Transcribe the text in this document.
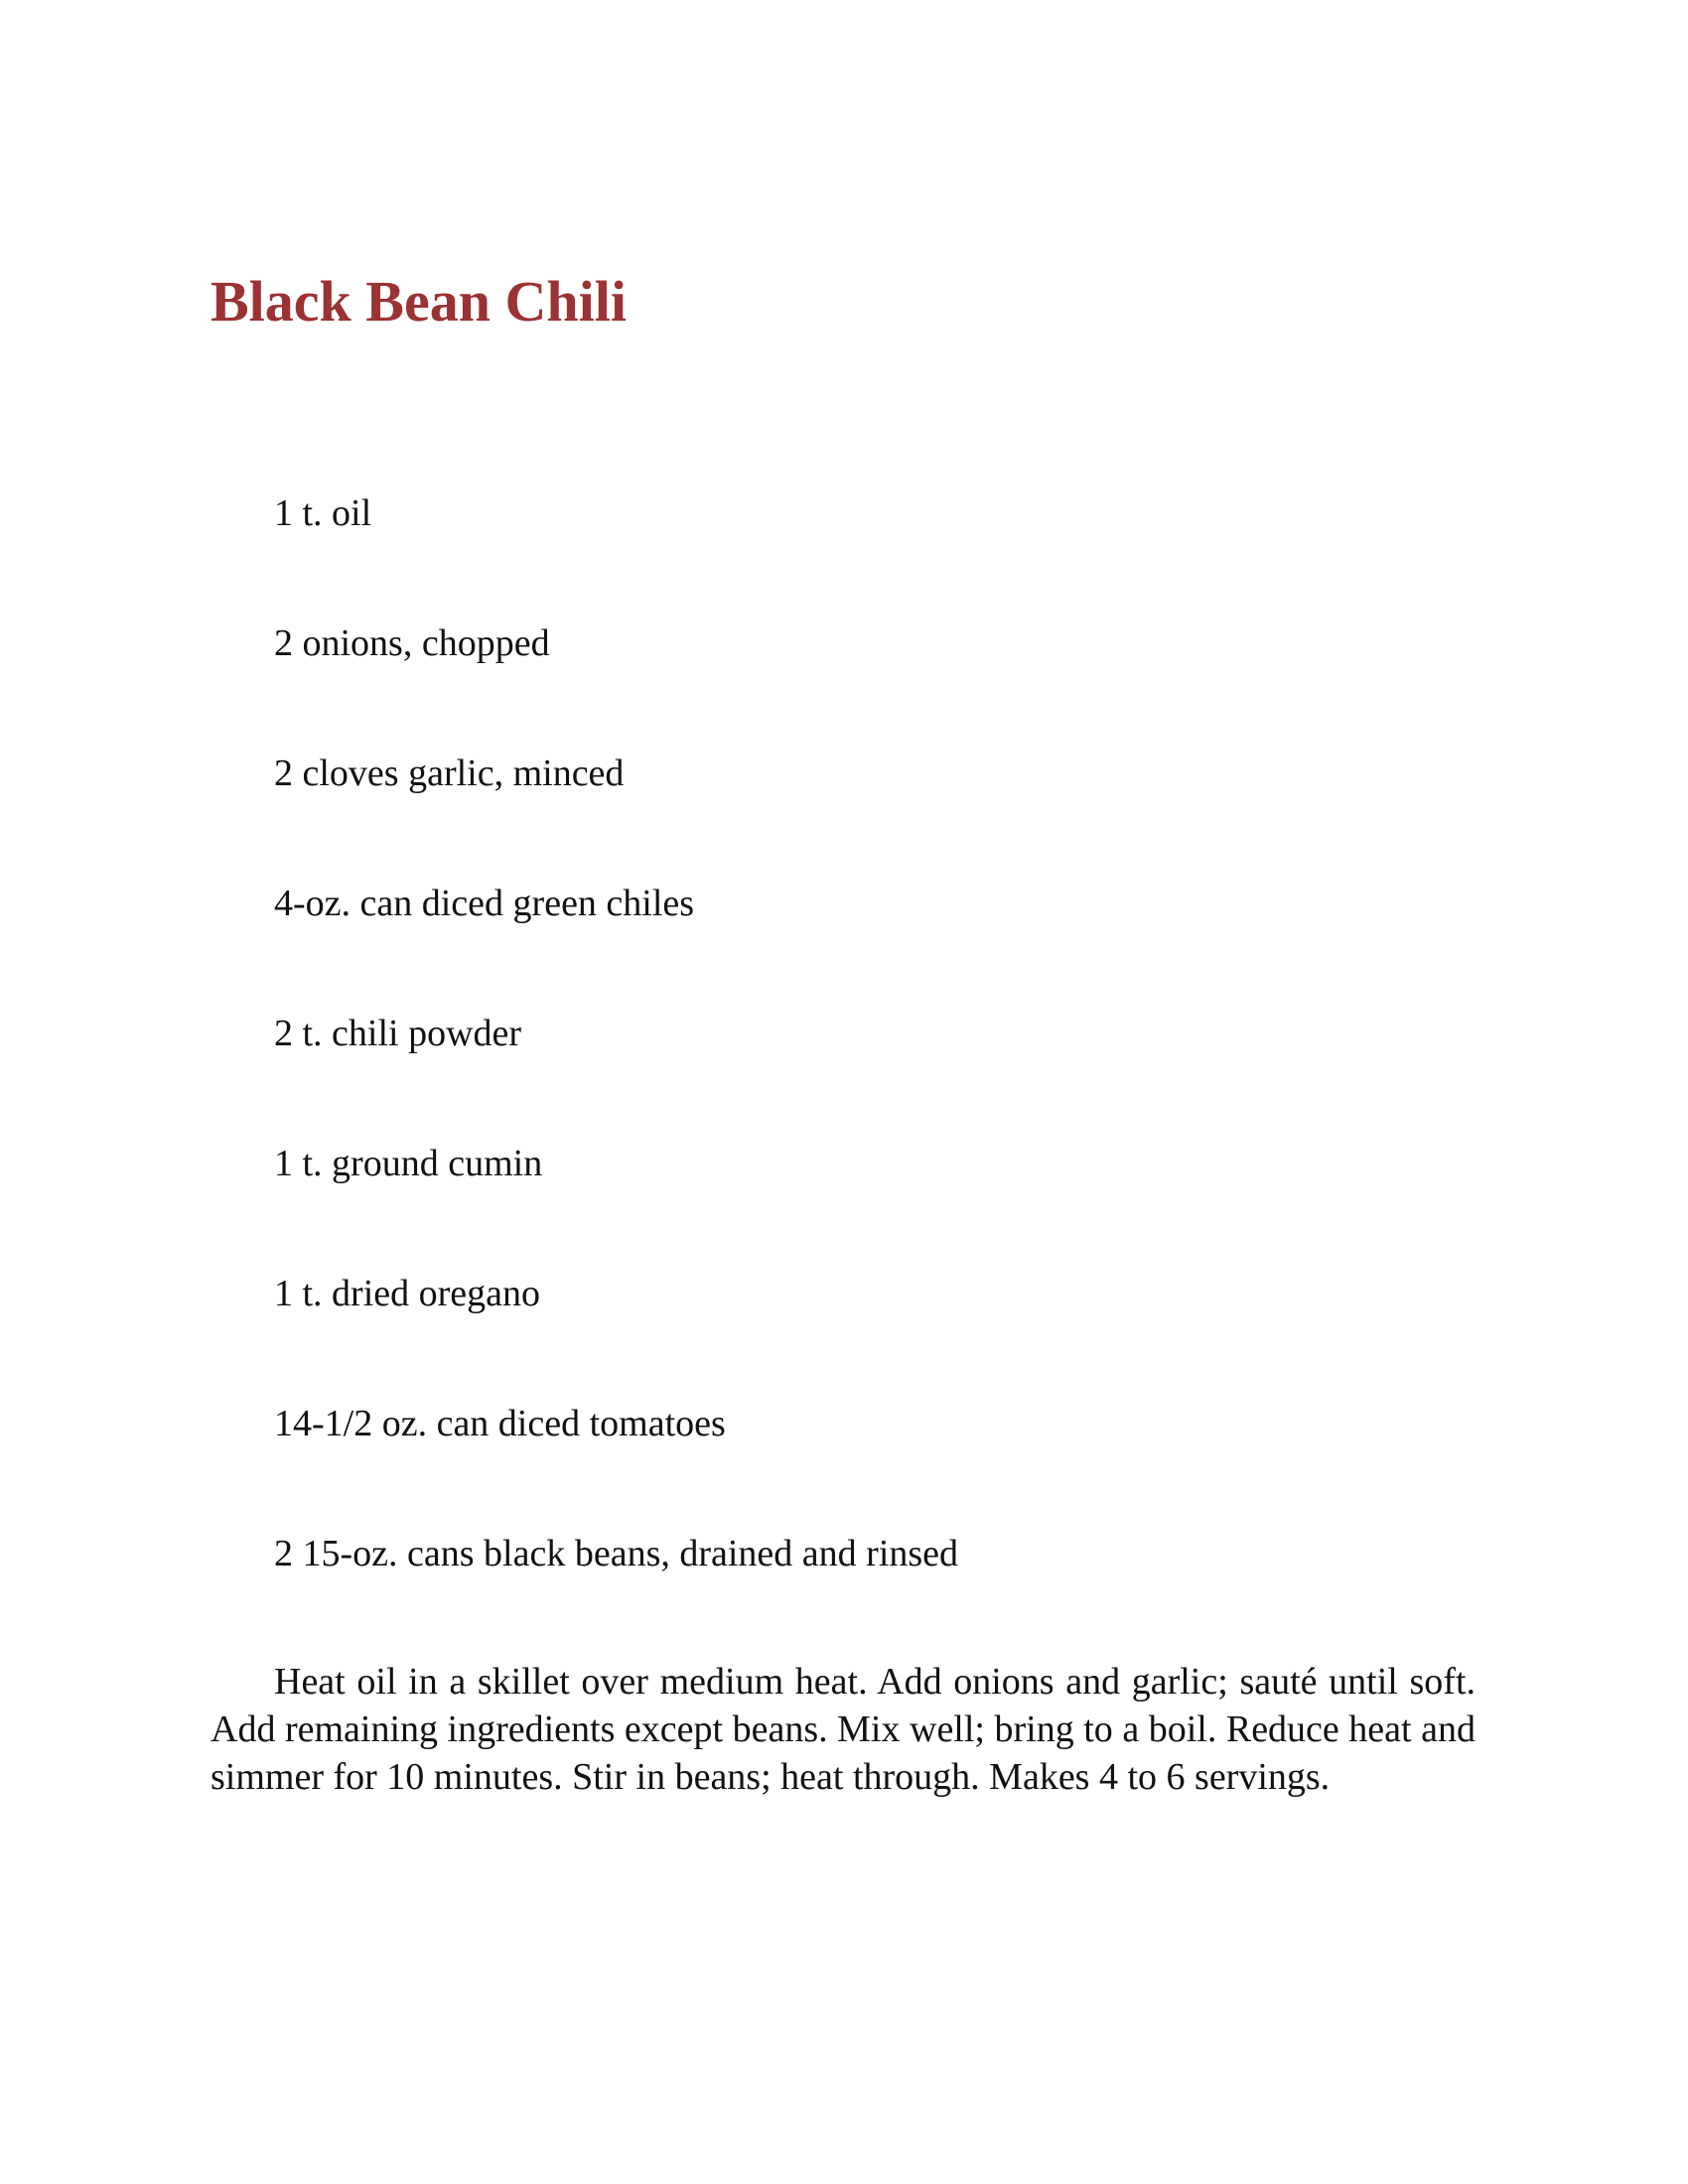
Black Bean Chili
1 t. oil
2 onions, chopped
2 cloves garlic, minced
4-oz. can diced green chiles
2 t. chili powder
1 t. ground cumin
1 t. dried oregano
14-1/2 oz. can diced tomatoes
2 15-oz. cans black beans, drained and rinsed

Heat oil in a skillet over medium heat. Add onions and garlic; sauté until soft. Add remaining ingredients except beans. Mix well; bring to a boil. Reduce heat and simmer for 10 minutes. Stir in beans; heat through. Makes 4 to 6 servings.
